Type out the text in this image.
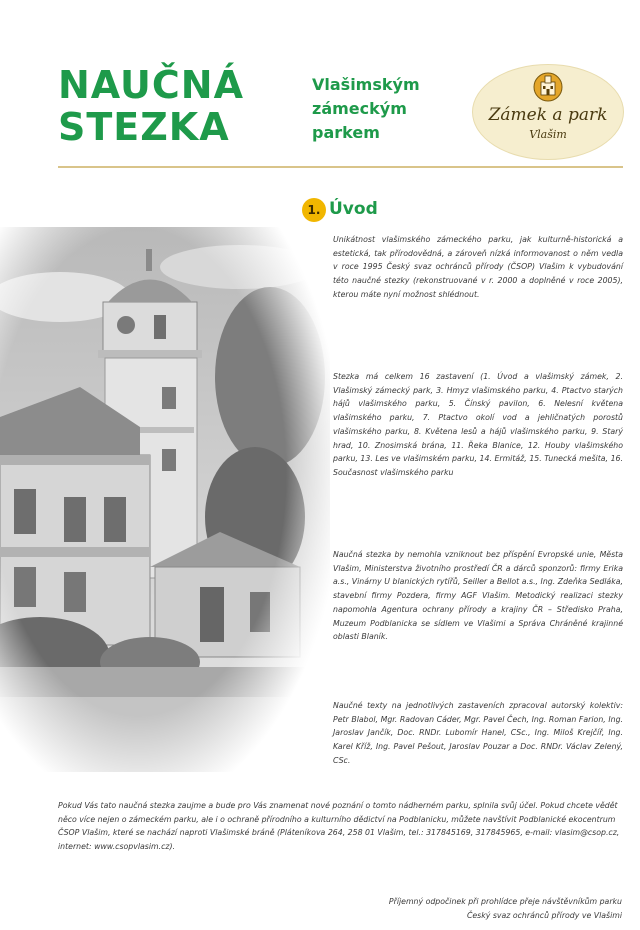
NAUČNÁ
STEZKA
Vlašimským
zámeckým
parkem
Zámek a park
Vlašim
1. Úvod
Unikátnost vlašimského zámeckého parku, jak kulturně-historická a estetická, tak přírodovědná, a zároveň nízká informovanost o něm vedla v roce 1995 Český svaz ochránců přírody (ČSOP) Vlašim k vybudování této naučné stezky (rekonstruované v r. 2000 a doplněné v roce 2005), kterou máte nyní možnost shlédnout.
Stezka má celkem 16 zastavení (1. Úvod a vlašimský zámek, 2. Vlašimský zámecký park, 3. Hmyz vlašimského parku, 4. Ptactvo starých hájů vlašimského parku, 5. Čínský pavilon, 6. Nelesní květena vlašimského parku, 7. Ptactvo okolí vod a jehličnatých porostů vlašimského parku, 8. Květena lesů a hájů vlašimského parku, 9. Starý hrad, 10. Znosimská brána, 11. Řeka Blanice, 12. Houby vlašimského parku, 13. Les ve vlašimském parku, 14. Ermitáž, 15. Tunecká mešita, 16. Současnost vlašimského parku
Naučná stezka by nemohla vzniknout bez příspění Evropské unie, Města Vlašim, Ministerstva životního prostředí ČR a dárců sponzorů: firmy Erika a.s., Vinárny U blanických rytířů, Seiller a Bellot a.s., Ing. Zdeňka Sedláka, stavební firmy Pozdera, firmy AGF Vlašim. Metodický realizaci stezky napomohla Agentura ochrany přírody a krajiny ČR – Středisko Praha, Muzeum Podblanicka se sídlem ve Vlašimi a Správa Chráněné krajinné oblasti Blaník.
Naučné texty na jednotlivých zastaveních zpracoval autorský kolektiv: Petr Blabol, Mgr. Radovan Cáder, Mgr. Pavel Čech, Ing. Roman Farion, Ing. Jaroslav Jančík, Doc. RNDr. Lubomír Hanel, CSc., Ing. Miloš Krejčíř, Ing. Karel Kříž, Ing. Pavel Pešout, Jaroslav Pouzar a Doc. RNDr. Václav Zelený, CSc.
Pokud Vás tato naučná stezka zaujme a bude pro Vás znamenat nové poznání o tomto nádherném parku, splnila svůj účel. Pokud chcete vědět něco více nejen o zámeckém parku, ale i o ochraně přírodního a kulturního dědictví na Podblanicku, můžete navštívit Podblanické ekocentrum ČSOP Vlašim, které se nachází naproti Vlašimské bráně (Pláteníkova 264, 258 01 Vlašim, tel.: 317845169, 317845965, e-mail: vlasim@csop.cz, internet: www.csopvlasim.cz).
Příjemný odpočinek při prohlídce přeje návštěvníkům parku
Český svaz ochránců přírody ve Vlašimi
